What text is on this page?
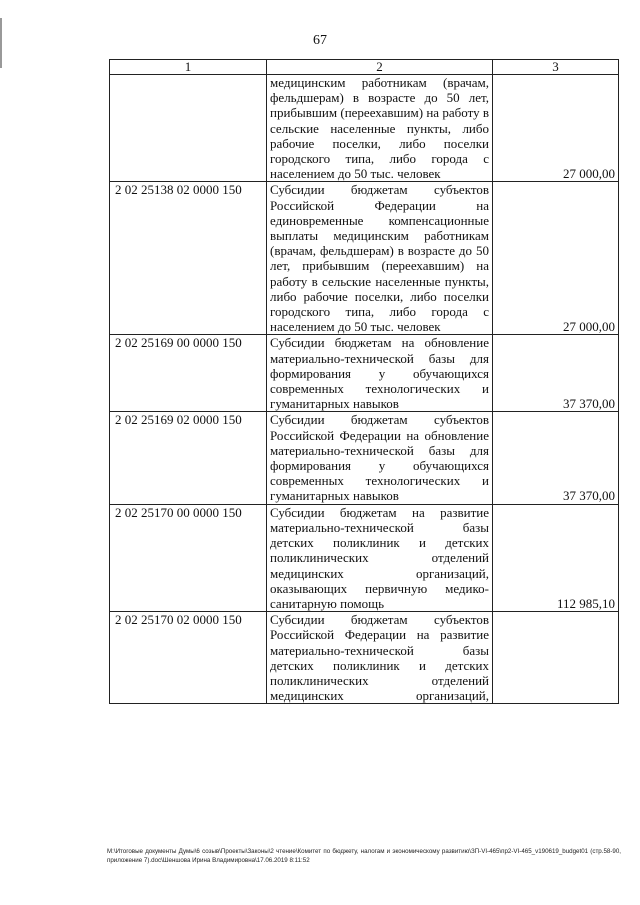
67
1	2	3
	медицинским работникам (врачам, фельдшерам) в возрасте до 50 лет, прибывшим (переехавшим) на работу в сельские населенные пункты, либо рабочие поселки, либо поселки городского типа, либо города с населением до 50 тыс. человек	27 000,00
2 02 25138 02 0000 150	Субсидии бюджетам субъектов Российской Федерации на единовременные компенсационные выплаты медицинским работникам (врачам, фельдшерам) в возрасте до 50 лет, прибывшим (переехавшим) на работу в сельские населенные пункты, либо рабочие поселки, либо поселки городского типа, либо города с населением до 50 тыс. человек	27 000,00
2 02 25169 00 0000 150	Субсидии бюджетам на обновление материально-технической базы для формирования у обучающихся современных технологических и гуманитарных навыков	37 370,00
2 02 25169 02 0000 150	Субсидии бюджетам субъектов Российской Федерации на обновление материально-технической базы для формирования у обучающихся современных технологических и гуманитарных навыков	37 370,00
2 02 25170 00 0000 150	Субсидии бюджетам на развитие материально-технической базы детских поликлиник и детских поликлинических отделений медицинских организаций, оказывающих первичную медико-санитарную помощь	112 985,10
2 02 25170 02 0000 150	Субсидии бюджетам субъектов Российской Федерации на развитие материально-технической базы детских поликлиник и детских поликлинических отделений медицинских организаций,	
M:\Итоговые документы Думы\6 созыв\Проекты\Законы\2 чтение\Комитет по бюджету, налогам и экономическому развитию\ЗП-VI-465\пр2-VI-465_v190619_budget01 (стр.58-90, приложение 7).doc\Шеншова Ирина Владимировна\17.06.2019 8:11:52
